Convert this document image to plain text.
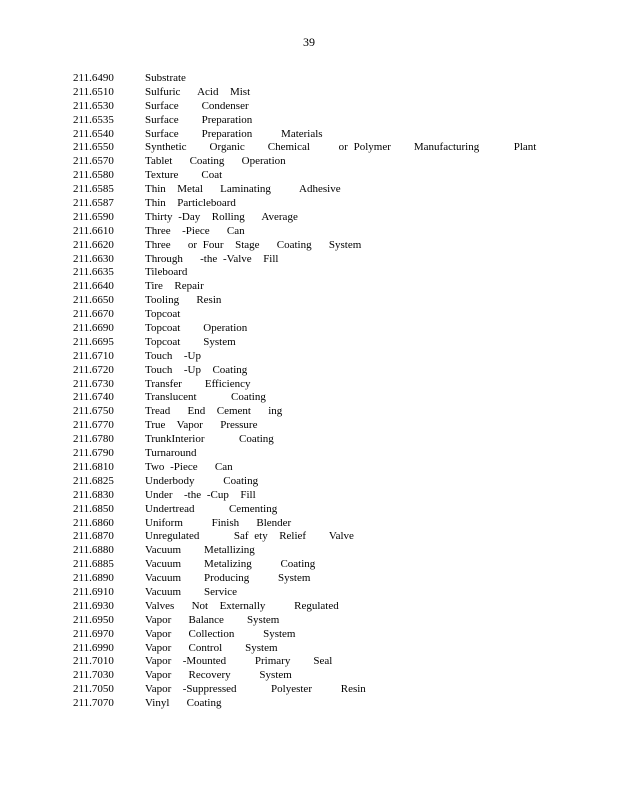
39
211.6490	Substrate
211.6510	Sulfuric   Acid  Mist
211.6530	Surface    Condenser
211.6535	Surface    Preparation
211.6540	Surface    Preparation     Materials
211.6550	Synthetic    Organic    Chemical     or Polymer    Manufacturing      Plant
211.6570	Tablet   Coating   Operation
211.6580	Texture    Coat
211.6585	Thin  Metal   Laminating     Adhesive
211.6587	Thin  Particleboard
211.6590	Thirty -Day  Rolling   Average
211.6610	Three  -Piece   Can
211.6620	Three   or Four  Stage   Coating   System
211.6630	Through   -the -Valve  Fill
211.6635	Tileboard
211.6640	Tire  Repair
211.6650	Tooling   Resin
211.6670	Topcoat
211.6690	Topcoat    Operation
211.6695	Topcoat    System
211.6710	Touch  -Up
211.6720	Touch  -Up  Coating
211.6730	Transfer    Efficiency
211.6740	Translucent      Coating
211.6750	Tread   End  Cement   ing
211.6770	True  Vapor   Pressure
211.6780	TrunkInterior      Coating
211.6790	Turnaround
211.6810	Two -Piece   Can
211.6825	Underbody     Coating
211.6830	Under  -the -Cup  Fill
211.6850	Undertread      Cementing
211.6860	Uniform     Finish   Blender
211.6870	Unregulated      Saf ety  Relief    Valve
211.6880	Vacuum    Metallizing
211.6885	Vacuum    Metalizing     Coating
211.6890	Vacuum    Producing     System
211.6910	Vacuum    Service
211.6930	Valves   Not  Externally     Regulated
211.6950	Vapor   Balance    System
211.6970	Vapor   Collection     System
211.6990	Vapor   Control    System
211.7010	Vapor  -Mounted     Primary    Seal
211.7030	Vapor   Recovery     System
211.7050	Vapor  -Suppressed      Polyester     Resin
211.7070	Vinyl   Coating
